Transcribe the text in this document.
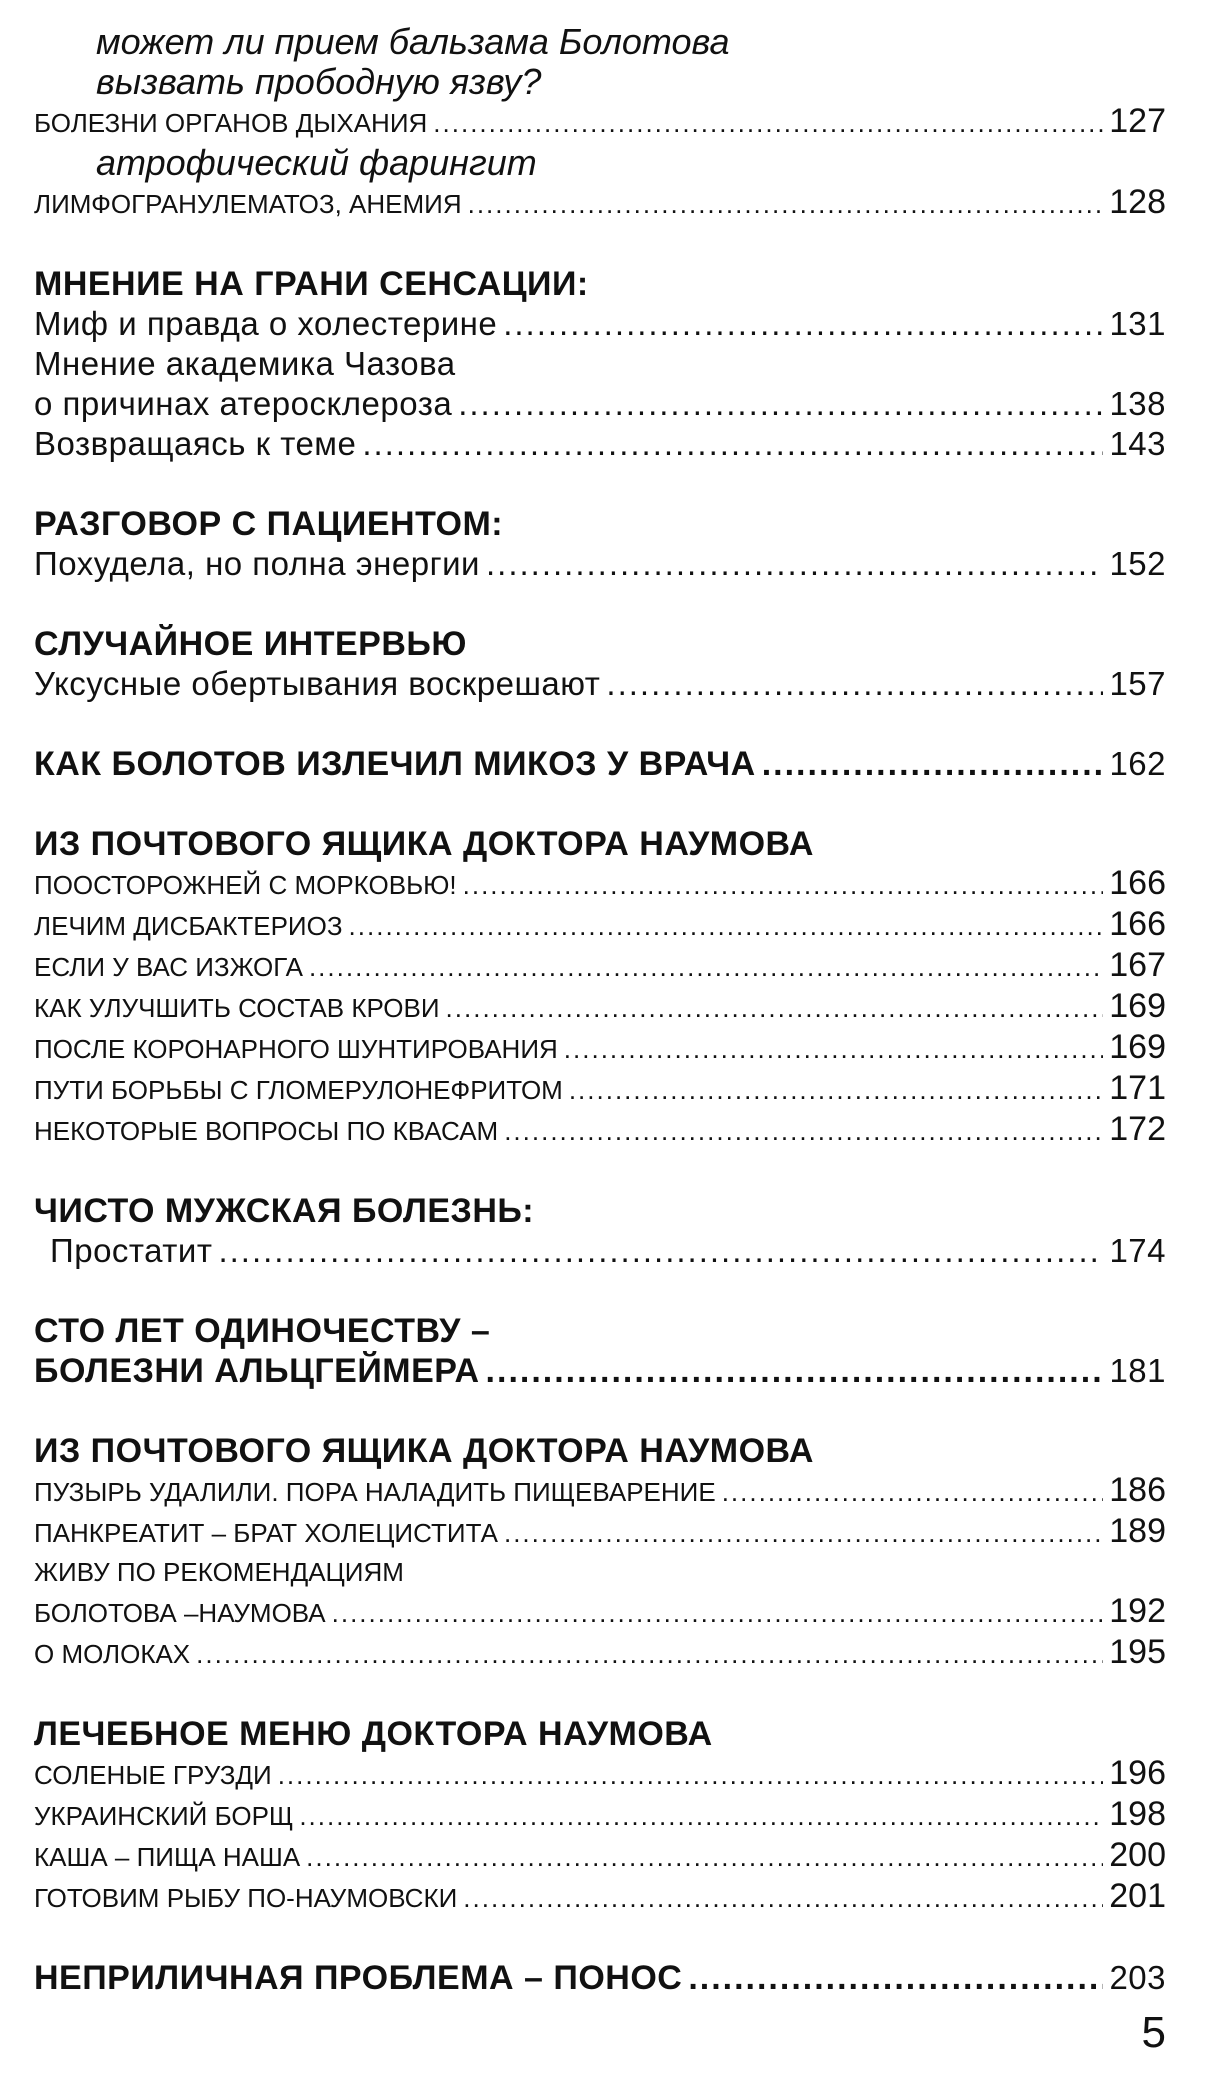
может ли прием бальзама Болотова
вызвать прободную язву?
БОЛЕЗНИ ОРГАНОВ ДЫХАНИЯ .....	127
атрофический фарингит
ЛИМФОГРАНУЛЕМАТОЗ, АНЕМИЯ .....	128
МНЕНИЕ НА ГРАНИ СЕНСАЦИИ:
Миф и правда о холестерине .....	131
Мнение академика Чазова
о причинах атеросклероза .....	138
Возвращаясь к теме .....	143
РАЗГОВОР С ПАЦИЕНТОМ:
Похудела, но полна энергии .....	152
СЛУЧАЙНОЕ ИНТЕРВЬЮ
Уксусные обертывания воскрешают .....	157
КАК БОЛОТОВ ИЗЛЕЧИЛ МИКОЗ У ВРАЧА .....	162
ИЗ ПОЧТОВОГО ЯЩИКА ДОКТОРА НАУМОВА
ПООСТОРОЖНЕЙ С МОРКОВЬЮ! .....	166
ЛЕЧИМ ДИСБАКТЕРИОЗ .....	166
ЕСЛИ У ВАС ИЗЖОГА .....	167
КАК УЛУЧШИТЬ СОСТАВ КРОВИ .....	169
ПОСЛЕ КОРОНАРНОГО ШУНТИРОВАНИЯ .....	169
ПУТИ БОРЬБЫ С ГЛОМЕРУЛОНЕФРИТОМ .....	171
НЕКОТОРЫЕ ВОПРОСЫ ПО КВАСАМ .....	172
ЧИСТО МУЖСКАЯ БОЛЕЗНЬ:
Простатит .....	174
СТО ЛЕТ ОДИНОЧЕСТВУ –
БОЛЕЗНИ АЛЬЦГЕЙМЕРА .....	181
ИЗ ПОЧТОВОГО ЯЩИКА ДОКТОРА НАУМОВА
ПУЗЫРЬ УДАЛИЛИ. ПОРА НАЛАДИТЬ ПИЩЕВАРЕНИЕ .....	186
ПАНКРЕАТИТ – БРАТ ХОЛЕЦИСТИТА .....	189
ЖИВУ ПО РЕКОМЕНДАЦИЯМ
БОЛОТОВА –НАУМОВА .....	192
О МОЛОКАХ .....	195
ЛЕЧЕБНОЕ МЕНЮ ДОКТОРА НАУМОВА
СОЛЕНЫЕ ГРУЗДИ .....	196
УКРАИНСКИЙ БОРЩ .....	198
КАША – ПИЩА НАША .....	200
ГОТОВИМ РЫБУ ПО-НАУМОВСКИ .....	201
НЕПРИЛИЧНАЯ ПРОБЛЕМА – ПОНОС .....	203
5
